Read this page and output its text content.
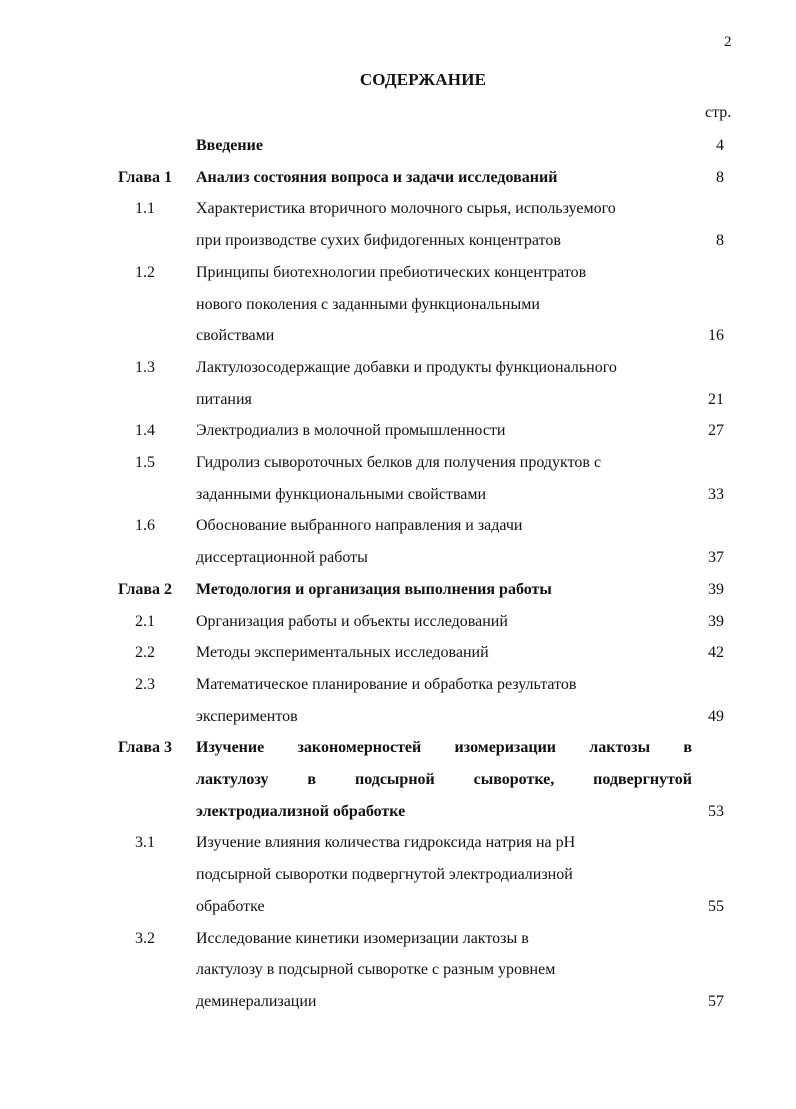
2
СОДЕРЖАНИЕ
стр.
Введение	4
Глава 1	Анализ состояния вопроса и задачи исследований	8
1.1	Характеристика вторичного молочного сырья, используемого
при производстве сухих бифидогенных концентратов	8
1.2	Принципы биотехнологии пребиотических концентратов
нового поколения с заданными функциональными
свойствами	16
1.3	Лактулозосодержащие добавки и продукты функционального
питания	21
1.4	Электродиализ в молочной промышленности	27
1.5	Гидролиз сывороточных белков для получения продуктов с
заданными функциональными свойствами	33
1.6	Обоснование выбранного направления и задачи
диссертационной работы	37
Глава 2	Методология и организация выполнения работы	39
2.1	Организация работы и объекты исследований	39
2.2	Методы экспериментальных исследований	42
2.3	Математическое планирование и обработка результатов
экспериментов	49
Глава 3	Изучение закономерностей изомеризации лактозы в
лактулозу в подсырной сыворотке, подвергнутой
электродиализной обработке	53
3.1	Изучение влияния количества гидроксида натрия на pH
подсырной сыворотки подвергнутой электродиализной
обработке	55
3.2	Исследование кинетики изомеризации лактозы в
лактулозу в подсырной сыворотке с разным уровнем
деминерализации	57
